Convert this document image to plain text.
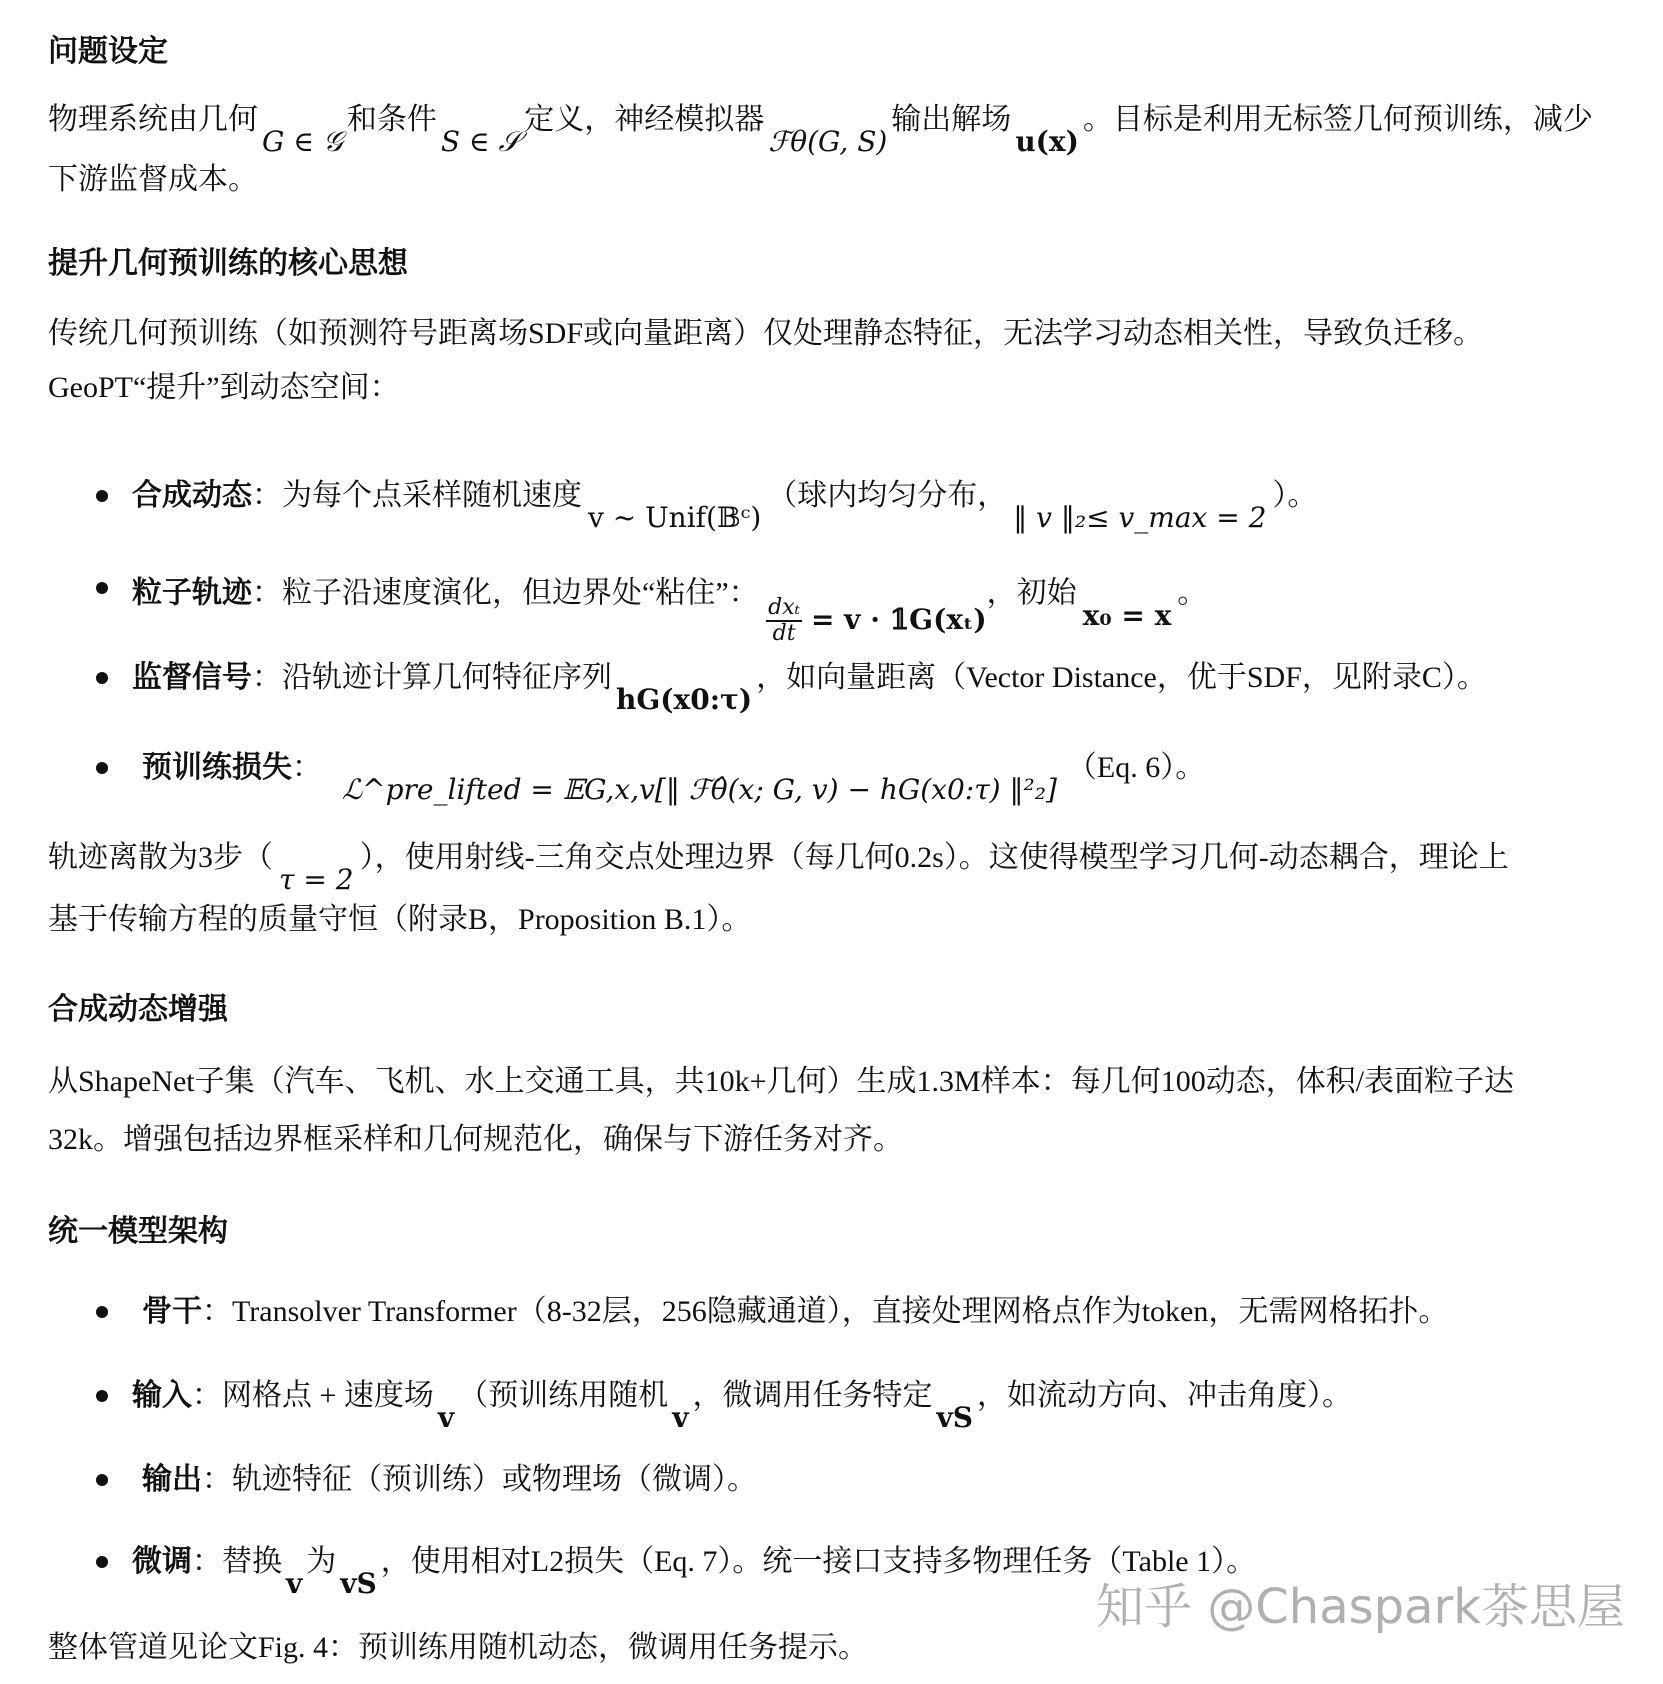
问题设定
物理系统由几何G ∈ 𝒢和条件S ∈ 𝒮定义，神经模拟器ℱθ(G, S)输出解场u(x)。目标是利用无标签几何预训练，减少
下游监督成本。
提升几何预训练的核心思想
传统几何预训练（如预测符号距离场SDF或向量距离）仅处理静态特征，无法学习动态相关性，导致负迁移。
GeoPT“提升”到动态空间：
合成动态：为每个点采样随机速度v ~ Unif(𝔹ᶜ)（球内均匀分布，‖ v ‖₂≤ v_max = 2）。
粒子轨迹：粒子沿速度演化，但边界处“粘住”：
$\frac{\text{dxₜ}}{dt} = v$ · 𝟙G(xₜ)，初始x₀ = x。
监督信号：沿轨迹计算几何特征序列hG(x0:τ)，如向量距离（Vector Distance，优于SDF，见附录C）。
预训练损失：ℒ^pre_lifted = 𝔼G,x,v[‖ ℱθ̂(x; G, v) − hG(x0:τ) ‖²₂]（Eq. 6）。
轨迹离散为3步（τ = 2），使用射线-三角交点处理边界（每几何0.2s）。这使得模型学习几何-动态耦合，理论上
基于传输方程的质量守恒（附录B，Proposition B.1）。
合成动态增强
从ShapeNet子集（汽车、飞机、水上交通工具，共10k+几何）生成1.3M样本：每几何100动态，体积/表面粒子达
32k。增强包括边界框采样和几何规范化，确保与下游任务对齐。
统一模型架构
骨干：Transolver Transformer（8-32层，256隐藏通道），直接处理网格点作为token，无需网格拓扑。
输入：网格点 + 速度场v（预训练用随机v，微调用任务特定vS，如流动方向、冲击角度）。
输出：轨迹特征（预训练）或物理场（微调）。
微调：替换v为vS，使用相对L2损失（Eq. 7）。统一接口支持多物理任务（Table 1）。
整体管道见论文Fig. 4：预训练用随机动态，微调用任务提示。
知乎 @Chaspark茶思屋
